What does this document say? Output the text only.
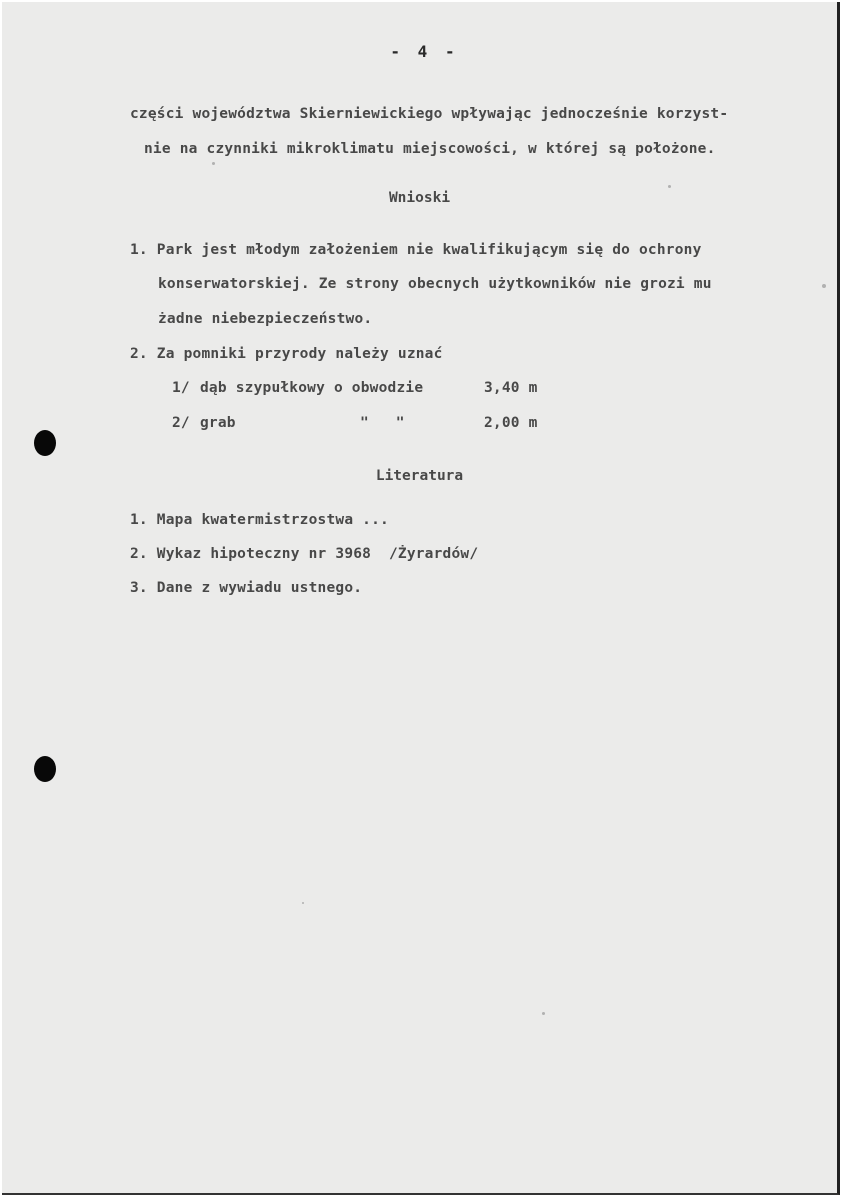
- 4 -
części województwa Skierniewickiego wpływając jednocześnie korzyst-
nie na czynniki mikroklimatu miejscowości, w której są położone.
Wnioski
1. Park jest młodym założeniem nie kwalifikującym się do ochrony
konserwatorskiej. Ze strony obecnych użytkowników nie grozi mu
żadne niebezpieczeństwo.
2. Za pomniki przyrody należy uznać
1/ dąb szypułkowy o obwodzie	3,40 m
2/ grab	"   "	2,00 m
Literatura
1. Mapa kwatermistrzostwa ...
2. Wykaz hipoteczny nr 3968  /Żyrardów/
3. Dane z wywiadu ustnego.
